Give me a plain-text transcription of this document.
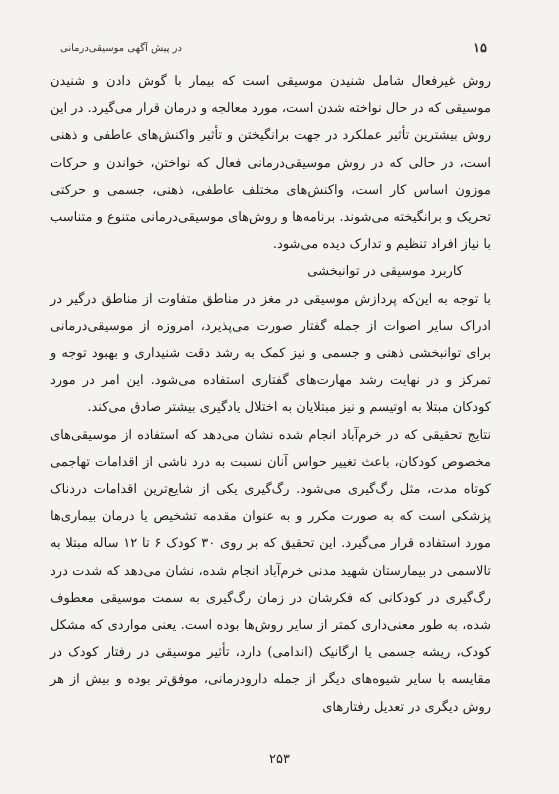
۱۵
در پیش آگهی موسیقی‌درمانی

روش غیرفعال شامل شنیدن موسیقی است که بیمار با گوش دادن و شنیدن موسیقی که در حال نواخته شدن است، مورد معالجه و درمان قرار می‌گیرد. در این روش بیشترین تأثیر عملکرد در جهت برانگیختن و تأثیر واکنش‌های عاطفی و ذهنی است، در حالی که در روش موسیقی‌درمانی فعال که نواختن، خواندن و حرکات موزون اساس کار است، واکنش‌های مختلف عاطفی، ذهنی، جسمی و حرکتی تحریک و برانگیخته می‌شوند. برنامه‌ها و روش‌های موسیقی‌درمانی متنوع و متناسب با نیاز افراد تنظیم و تدارک دیده می‌شود.

کاربرد موسیقی در توانبخشی

با توجه به این‌که پردازش موسیقی در مغز در مناطق متفاوت از مناطق درگیر در ادراک سایر اصوات از جمله گفتار صورت می‌پذیرد، امروزه از موسیقی‌درمانی برای توانبخشی ذهنی و جسمی و نیز کمک به رشد دقت شنیداری و بهبود توجه و تمرکز و در نهایت رشد مهارت‌های گفتاری استفاده می‌شود. این امر در مورد کودکان مبتلا به اوتیسم و نیز مبتلایان به اختلال یادگیری بیشتر صادق می‌کند.

نتایج تحقیقی که در خرم‌آباد انجام شده نشان می‌دهد که استفاده از موسیقی‌های مخصوص کودکان، باعث تغییر حواس آنان نسبت به درد ناشی از اقدامات تهاجمی کوتاه مدت، مثل رگ‌گیری می‌شود. رگ‌گیری یکی از شایع‌ترین اقدامات دردناک پزشکی است که به صورت مکرر و به عنوان مقدمه تشخیص یا درمان بیماری‌ها مورد استفاده قرار می‌گیرد. این تحقیق که بر روی ۳۰ کودک ۶ تا ۱۲ ساله مبتلا به تالاسمی در بیمارستان شهید مدنی خرم‌آباد انجام شده، نشان می‌دهد که شدت درد رگ‌گیری در کودکانی که فکرشان در زمان رگ‌گیری به سمت موسیقی معطوف شده، به طور معنی‌داری کمتر از سایر روش‌ها بوده است. یعنی مواردی که مشکل کودک، ریشه جسمی یا ارگانیک (اندامی) دارد، تأثیر موسیقی در رفتار کودک در مقایسه با سایر شیوه‌های دیگر از جمله دارودرمانی، موفق‌تر بوده و بیش از هر روش دیگری در تعدیل رفتارهای

۲۵۳
